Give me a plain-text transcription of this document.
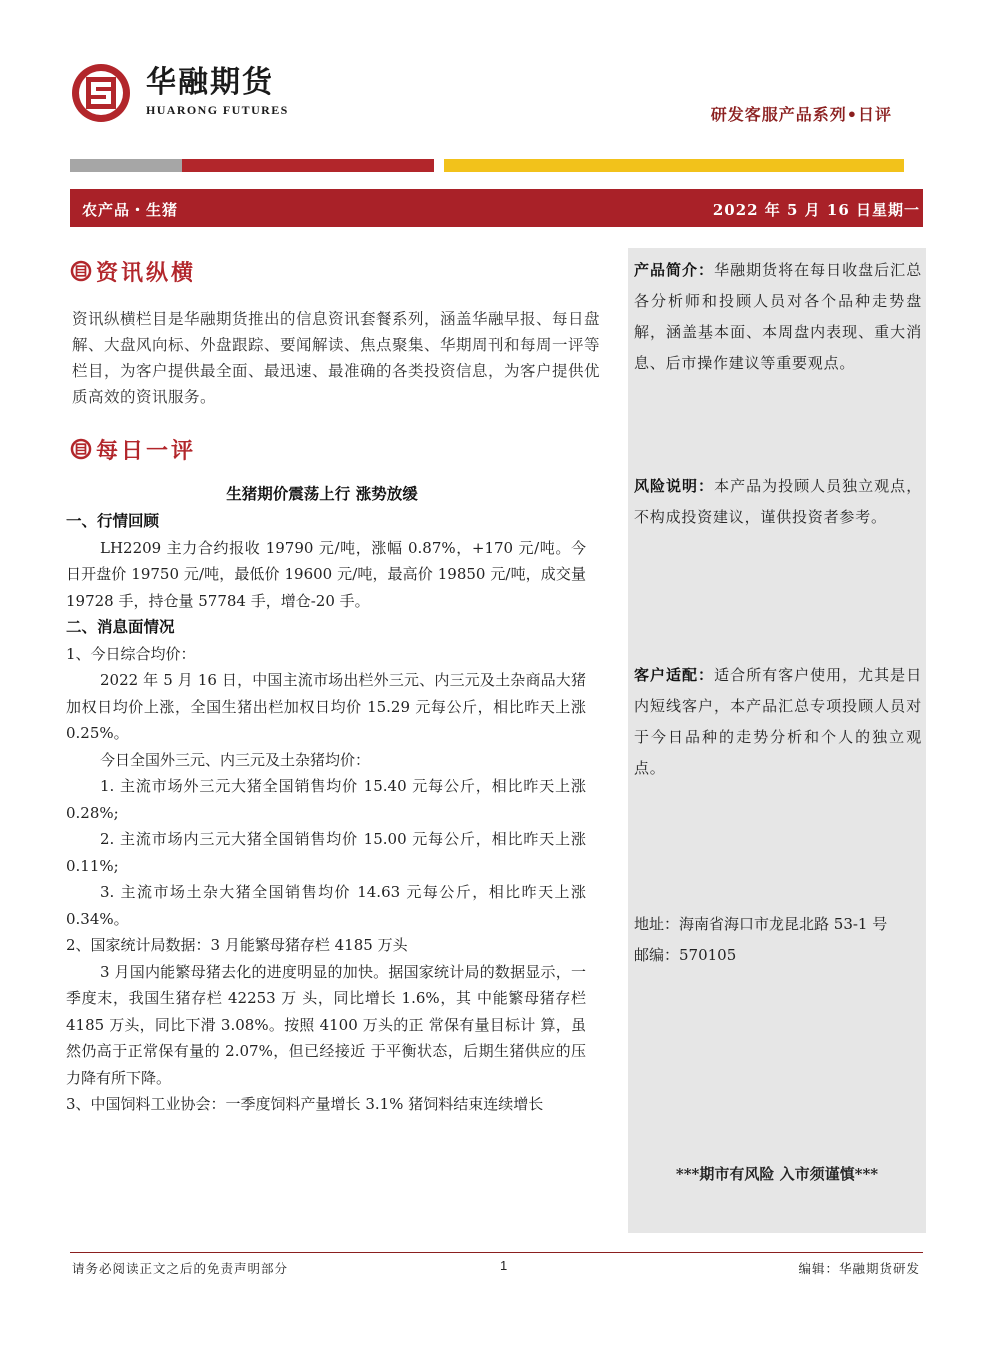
华融期货
HUARONG FUTURES	研发客服产品系列•日评
农产品・生猪	2022 年 5 月 16 日星期一
产品简介：华融期货将在每日收盘后汇总各分析师和投顾人员对各个品种走势盘解，涵盖基本面、本周盘内表现、重大消息、后市操作建议等重要观点。
风险说明：本产品为投顾人员独立观点，不构成投资建议，谨供投资者参考。
客户适配：适合所有客户使用，尤其是日内短线客户，本产品汇总专项投顾人员对于今日品种的走势分析和个人的独立观点。
地址：海南省海口市龙昆北路 53-1 号
邮编：570105
***期市有风险 入市须谨慎***
资讯纵横
资讯纵横栏目是华融期货推出的信息资讯套餐系列，涵盖华融早报、每日盘解、大盘风向标、外盘跟踪、要闻解读、焦点聚集、华期周刊和每周一评等栏目，为客户提供最全面、最迅速、最准确的各类投资信息，为客户提供优质高效的资讯服务。
每日一评
生猪期价震荡上行 涨势放缓

一、行情回顾

LH2209 主力合约报收 19790 元/吨，涨幅 0.87%，+170 元/吨。今日开盘价 19750 元/吨，最低价 19600 元/吨，最高价 19850 元/吨，成交量 19728 手，持仓量 57784 手，增仓-20 手。

二、消息面情况

1、今日综合均价：

2022 年 5 月 16 日，中国主流市场出栏外三元、内三元及土杂商品大猪加权日均价上涨，全国生猪出栏加权日均价 15.29 元每公斤，相比昨天上涨 0.25%。

今日全国外三元、内三元及土杂猪均价：

1. 主流市场外三元大猪全国销售均价 15.40 元每公斤，相比昨天上涨 0.28%;

2. 主流市场内三元大猪全国销售均价 15.00 元每公斤，相比昨天上涨 0.11%;

3. 主流市场土杂大猪全国销售均价 14.63 元每公斤，相比昨天上涨 0.34%。

2、国家统计局数据：3 月能繁母猪存栏 4185 万头

3 月国内能繁母猪去化的进度明显的加快。据国家统计局的数据显示，一季度末，我国生猪存栏 42253 万 头，同比增长 1.6%，其 中能繁母猪存栏 4185 万头，同比下滑 3.08%。按照 4100 万头的正 常保有量目标计 算，虽然仍高于正常保有量的 2.07%，但已经接近 于平衡状态，后期生猪供应的压力降有所下降。

3、中国饲料工业协会：一季度饲料产量增长 3.1% 猪饲料结束连续增长

请务必阅读正文之后的免责声明部分	1	编辑：华融期货研发
